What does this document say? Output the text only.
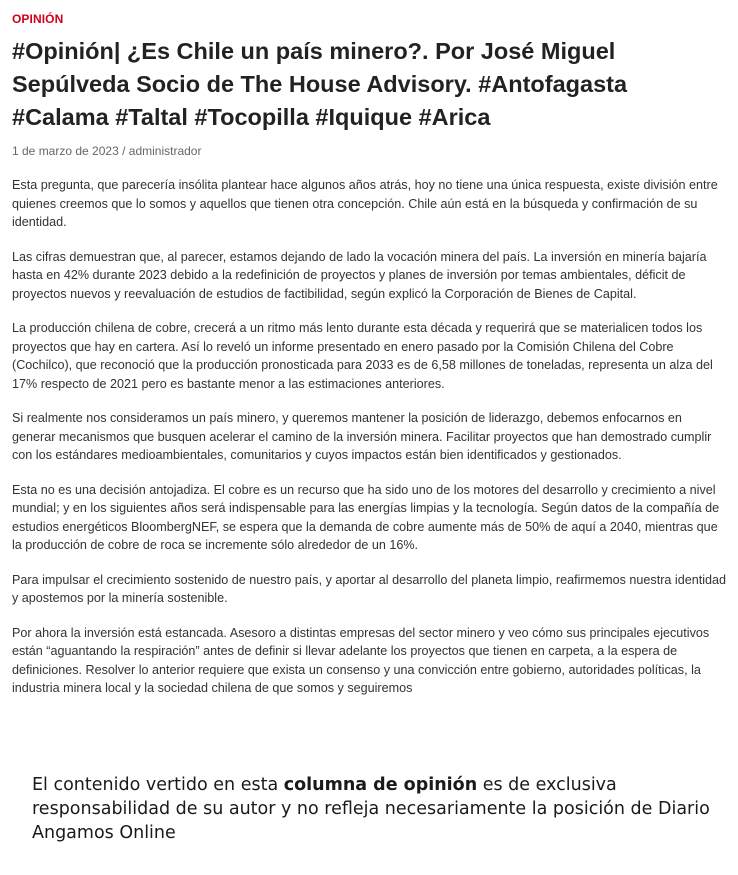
OPINIÓN
#Opinión| ¿Es Chile un país minero?. Por José Miguel Sepúlveda Socio de The House Advisory. #Antofagasta #Calama #Taltal #Tocopilla #Iquique #Arica
1 de marzo de 2023 / administrador

Esta pregunta, que parecería insólita plantear hace algunos años atrás, hoy no tiene una única respuesta, existe división entre quienes creemos que lo somos y aquellos que tienen otra concepción. Chile aún está en la búsqueda y confirmación de su identidad.

Las cifras demuestran que, al parecer, estamos dejando de lado la vocación minera del país. La inversión en minería bajaría hasta en 42% durante 2023 debido a la redefinición de proyectos y planes de inversión por temas ambientales, déficit de proyectos nuevos y reevaluación de estudios de factibilidad, según explicó la Corporación de Bienes de Capital.

La producción chilena de cobre, crecerá a un ritmo más lento durante esta década y requerirá que se materialicen todos los proyectos que hay en cartera. Así lo reveló un informe presentado en enero pasado por la Comisión Chilena del Cobre (Cochilco), que reconoció que la producción pronosticada para 2033 es de 6,58 millones de toneladas, representa un alza del 17% respecto de 2021 pero es bastante menor a las estimaciones anteriores.

Si realmente nos consideramos un país minero, y queremos mantener la posición de liderazgo, debemos enfocarnos en generar mecanismos que busquen acelerar el camino de la inversión minera. Facilitar proyectos que han demostrado cumplir con los estándares medioambientales, comunitarios y cuyos impactos están bien identificados y gestionados.

Esta no es una decisión antojadiza. El cobre es un recurso que ha sido uno de los motores del desarrollo y crecimiento a nivel mundial; y en los siguientes años será indispensable para las energías limpias y la tecnología. Según datos de la compañía de estudios energéticos BloombergNEF, se espera que la demanda de cobre aumente más de 50% de aquí a 2040, mientras que la producción de cobre de roca se incremente sólo alrededor de un 16%.

Para impulsar el crecimiento sostenido de nuestro país, y aportar al desarrollo del planeta limpio, reafirmemos nuestra identidad y apostemos por la minería sostenible.

Por ahora la inversión está estancada. Asesoro a distintas empresas del sector minero y veo cómo sus principales ejecutivos están “aguantando la respiración” antes de definir si llevar adelante los proyectos que tienen en carpeta, a la espera de definiciones. Resolver lo anterior requiere que exista un consenso y una convicción entre gobierno, autoridades políticas, la industria minera local y la sociedad chilena de que somos y seguiremos

El contenido vertido en esta columna de opinión es de exclusiva responsabilidad de su autor y no refleja necesariamente la posición de Diario Angamos Online
